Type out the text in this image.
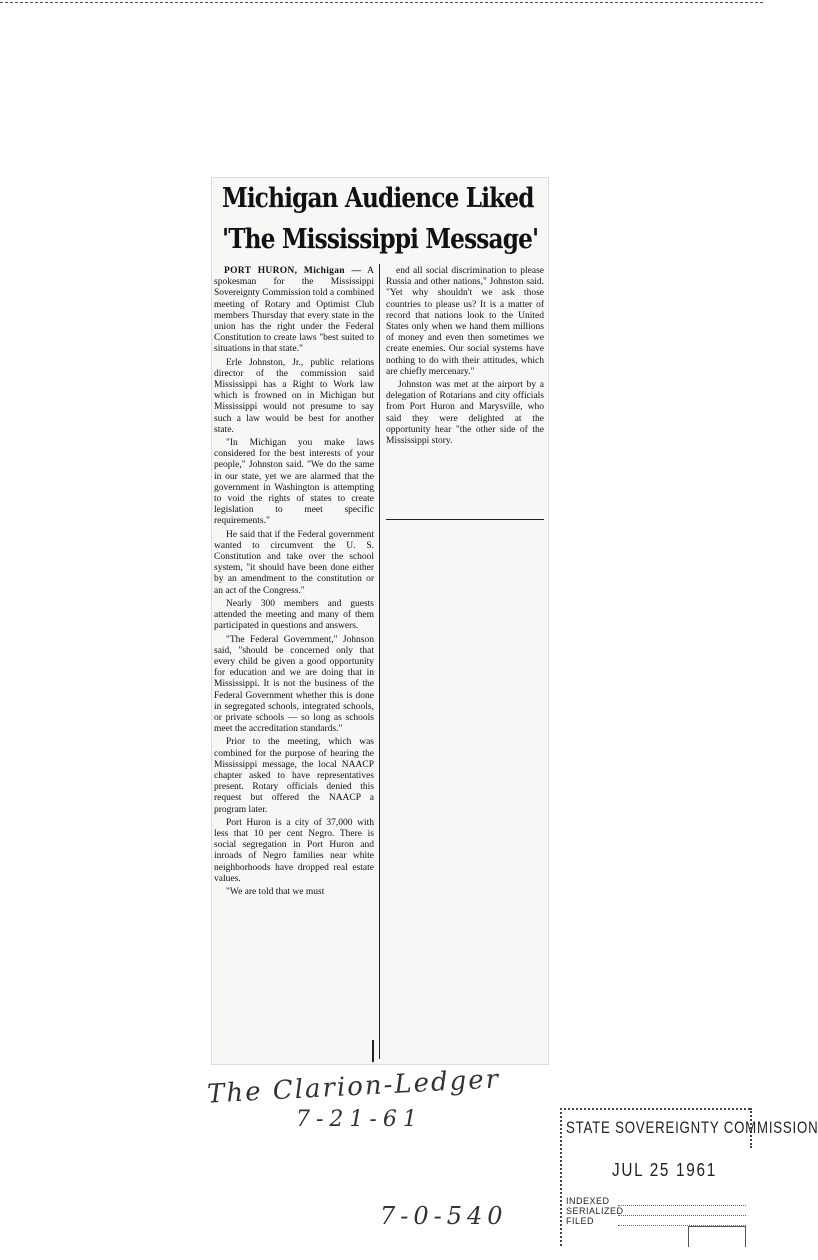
Michigan Audience Liked
'The Mississippi Message'

PORT HURON, Michigan — A spokesman for the Mississippi Sovereignty Commission told a combined meeting of Rotary and Optimist Club members Thursday that every state in the union has the right under the Federal Constitution to create laws "best suited to situations in that state."

Erle Johnston, Jr., public relations director of the commission said Mississippi has a Right to Work law which is frowned on in Michigan but Mississippi would not presume to say such a law would be best for another state.

"In Michigan you make laws considered for the best interests of your people," Johnston said. "We do the same in our state, yet we are alarmed that the government in Washington is attempting to void the rights of states to create legislation to meet specific requirements."

He said that if the Federal government wanted to circumvent the U. S. Constitution and take over the school system, "it should have been done either by an amendment to the constitution or an act of the Congress."

Nearly 300 members and guests attended the meeting and many of them participated in questions and answers.

"The Federal Government," Johnson said, "should be concerned only that every child be given a good opportunity for education and we are doing that in Mississippi. It is not the business of the Federal Government whether this is done in segregated schools, integrated schools, or private schools — so long as schools meet the accreditation standards."

Prior to the meeting, which was combined for the purpose of hearing the Mississippi message, the local NAACP chapter asked to have representatives present. Rotary officials denied this request but offered the NAACP a program later.

Port Huron is a city of 37,000 with less that 10 per cent Negro. There is social segregation in Port Huron and inroads of Negro families near white neighborhoods have dropped real estate values.

"We are told that we must

end all social discrimination to please Russia and other nations," Johnston said. "Yet why shouldn't we ask those countries to please us? It is a matter of record that nations look to the United States only when we hand them millions of money and even then sometimes we create enemies. Our social systems have nothing to do with their attitudes, which are chiefly mercenary."

Johnston was met at the airport by a delegation of Rotarians and city officials from Port Huron and Marysville, who said they were delighted at the opportunity hear "the other side of the Mississippi story.

The Clarion-Ledger
7-21-61
7-0-540
STATE SOVEREIGNTY COMMISSION
JUL 25 1961
INDEXED
SERIALIZED
FILED
